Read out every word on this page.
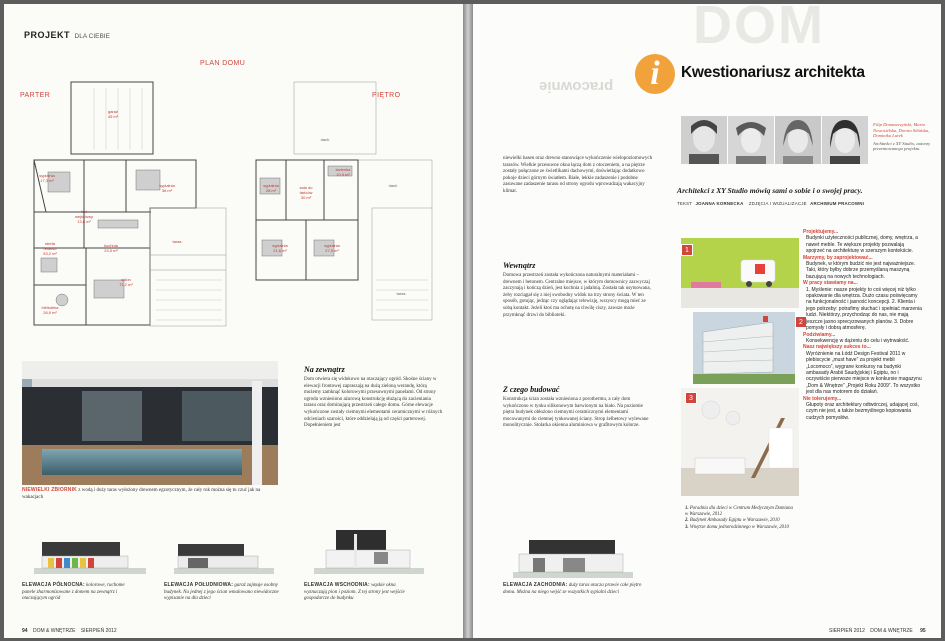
PROJEKT DLA CIEBIE
PLAN DOMU
PARTER	PIĘTRO
garaż
45 m²
sypialnia
17,3 m²
hol
wejściowy
13,8 m²
sypialnia
36 m²
strefa
relaksu
53,2 m²
kuchnia
24,5 m²
taras
salon
71,2 m²
biblioteka
26,9 m²
dach
łazienka
10,9 m²
sypialnia
28 m²
sala do
tańców
30 m²
dach
sypialnia
21,6 m²
sypialnia
27,5 m²
taras
NIEWIELKI ZBIORNIK z wodą i duży taras wyłożony drewnem egzotycznym, że cały rok można się tu czuć jak na wakacjach
Na zewnątrz
Dom otwiera się widokowo na otaczający ogród. Skośne ściany w elewacji frontowej zapraszają na dużą zieloną werandę, którą możemy zamknąć kolorowymi przesuwnymi panelami. Od strony ogrodu wzniesiono ażurową konstrukcję służącą do zacieniania tarasu oraz dominującą przestrzeń całego domu. Górne elewacje wykończone zostały ciemnymi elementami ceramicznymi w różnych odcieniach szarości, które oddzielają ją od części parterowej. Dopełnieniem jest
ELEWACJA PÓŁNOCNA: kolorowe, ruchome panele zharmonizowane z domem na zewnątrz i otaczającym ogród
ELEWACJA POŁUDNIOWA: garaż zajmuje osobny budynek. Na jednej z jego ścian wmalowano niewidoczne wypisanie na dla dzieci
ELEWACJA WSCHODNIA: wąskie okna wyznaczają pion i poziom. Z tej strony jest wejście gospodarcze do budynku
94 DOM & WNĘTRZE SIERPIEŃ 2012
DOM
pracownie
niewielki basen oraz drewno stanowiące wykończenie wielopoziomowych tarasów. Wielkie przesuwne okna łączą dom z otoczeniem, a na piętrze zostały połączone ze świetlikami dachowymi, doświetlając dodatkowo pokoje dzieci górnym światłem. Białe, lekkie zadaszenie i podobne zasuwane zadaszenie tarasu od strony ogrodu wprowadzają wakacyjny klimat.
Wewnątrz
Domowa przestrzeń została wykończona naturalnymi materiałami – drewnem i betonem. Centralne miejsce, w którym domownicy zazwyczaj zaczynają i kończą dzień, jest kuchnia z jadalnią. Została tak usytuowana, żeby rozciągał się z niej swobodny widok na trzy strony świata. W ten sposób, gotując, jedząc czy oglądając telewizję, wszyscy mogą mieć ze sobą kontakt. Jeżeli ktoś ma ochotę na chwilę ciszy, zawsze może przymknąć drzwi do biblioteki.
Z czego budować
Konstrukcja ścian została wzniesiona z porothermu, a cały dom wykończono w tynku silikonowym barwionym na biało. Na poziomie piętra budynek obłożono ciemnymi ceramicznymi elementami mocowanymi do ciemnej tynkowanej ściany. Strop żelbetowy wylewane monolitycznie. Stolarka okienna aluminiowa w grafitowym kolorze.
ELEWACJA ZACHODNIA: duży taras otacza prawie całe piętro domu. Można na niego wejść ze wszystkich sypialni dzieci
i	Kwestionariusz architekta
Filip Domaszczyński, Marta Nowosielska, Dorota Sibińska, Dominika Lurek
Architekci z XY Studio, autorzy prezentowanego projektu.
Architekci z XY Studio mówią sami o sobie i o swojej pracy.
TEKST JOANNA KORNECKA ZDJĘCIA I WIZUALIZACJE ARCHIWUM PRACOWNI
1
2
3
1. Poradnia dla dzieci w Centrum Medycznym Damiana w Warszawie, 2012
2. Budynek Ambasady Egiptu w Warszawie, 2010
3. Wnętrze domu jednorodzinnego w Warszawie, 2010
Projektujemy...
Budynki użyteczności publicznej, domy, wnętrza, a nawet meble. Te większe projekty pozwalają spojrzeć na architekturę w szerszym kontekście.
Marzymy, by zaprojektować...
Budynek, w którym budzić nie jest najważniejsze. Taki, który byłby dobrze przemyślaną maszyną bazującą na nowych technologiach.
W pracy stawiamy na...
1. Myślenie: nasze projekty to coś więcej niż tylko opakowanie dla wnętrza. Dużo czasu poświęcamy na funkcjonalność i jasność koncepcji. 2. Klienta i jego potrzeby: potrafimy słuchać i spełniać marzenia ludzi. Niektórzy, przychodząc do nas, nie mają jeszcze jasno sprecyzowanych planów. 3. Dobre pomysły i dobrą atmosferę.
Podziwiamy...
Konsekwencję w dążeniu do celu i wytrwałość.
Nasz największy sukces to...
Wyróżnienie na Łódź Design Festival 2011 w plebiscycie „must have” za projekt mebli „Locomoco”, wygrane konkursy na budynki ambasady Arabii Saudyjskiej i Egiptu, no i oczywiście pierwsze miejsce w konkursie magazynu „Dom & Wnętrze” „Projekt Roku 2009”. To wszystko jest dla nas motorem do działań.
Nie tolerujemy...
Głupoty oraz architektury odtwórczej, udającej coś, czym nie jest, a także bezmyślnego kopiowania cudzych pomysłów.
SIERPIEŃ 2012 DOM & WNĘTRZE 95
